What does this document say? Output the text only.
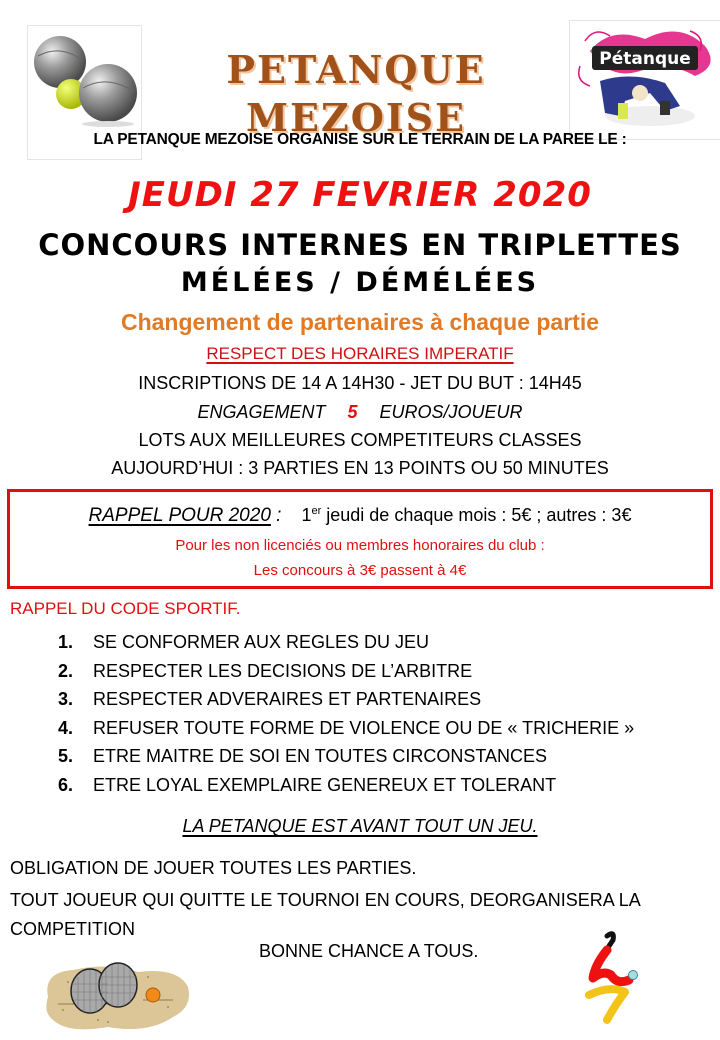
PETANQUE MEZOISE
Pétanque
LA PETANQUE MEZOISE ORGANISE SUR LE TERRAIN DE LA PAREE LE :
JEUDI 27 FEVRIER 2020
CONCOURS INTERNES EN TRIPLETTES
MÉLÉES / DÉMÉLÉES
Changement de partenaires à chaque partie
RESPECT DES HORAIRES IMPERATIF
INSCRIPTIONS DE 14 A 14H30 - JET DU BUT : 14H45
ENGAGEMENT 5 EUROS/JOUEUR
LOTS AUX MEILLEURES COMPETITEURS CLASSES
AUJOURD’HUI : 3 PARTIES EN 13 POINTS OU 50 MINUTES
RAPPEL POUR 2020 : 1er jeudi de chaque mois : 5€ ; autres : 3€
Pour les non licenciés ou membres honoraires du club :
Les concours à 3€ passent à 4€
RAPPEL DU CODE SPORTIF.
1.	SE CONFORMER AUX REGLES DU JEU
2.	RESPECTER LES DECISIONS DE L’ARBITRE
3.	RESPECTER ADVERAIRES ET PARTENAIRES
4.	REFUSER TOUTE FORME DE VIOLENCE OU DE « TRICHERIE »
5.	ETRE MAITRE DE SOI EN TOUTES CIRCONSTANCES
6.	ETRE LOYAL EXEMPLAIRE GENEREUX ET TOLERANT
LA PETANQUE EST AVANT TOUT UN JEU.
OBLIGATION DE JOUER TOUTES LES PARTIES.
TOUT JOUEUR QUI QUITTE LE TOURNOI EN COURS, DEORGANISERA LA COMPETITION
BONNE CHANCE A TOUS.
